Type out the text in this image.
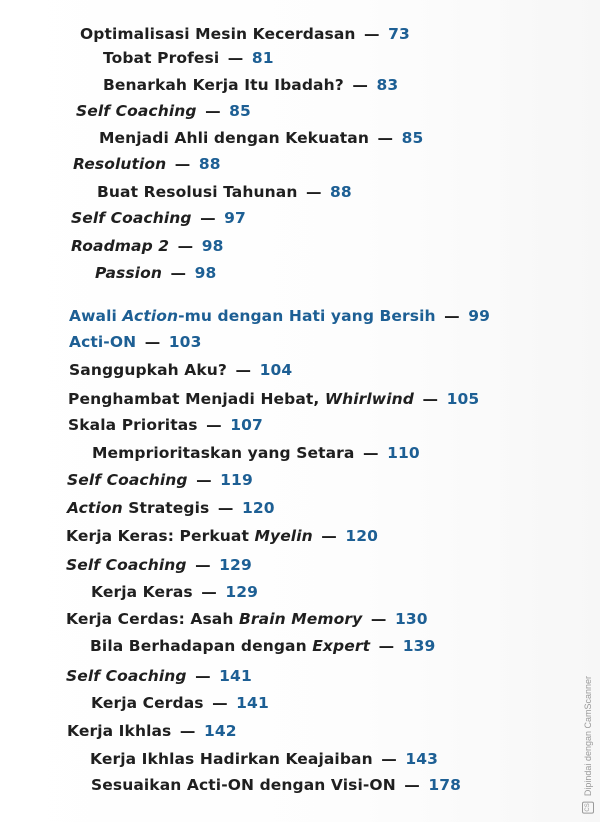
Optimalisasi Mesin Kecerdasan — 73
Tobat Profesi — 81
Benarkah Kerja Itu Ibadah? — 83
Self Coaching — 85
Menjadi Ahli dengan Kekuatan — 85
Resolution — 88
Buat Resolusi Tahunan — 88
Self Coaching — 97
Roadmap 2 — 98
Passion — 98
Awali Action-mu dengan Hati yang Bersih — 99
Acti-ON — 103
Sanggupkah Aku? — 104
Penghambat Menjadi Hebat, Whirlwind — 105
Skala Prioritas — 107
Memprioritaskan yang Setara — 110
Self Coaching — 119
Action Strategis — 120
Kerja Keras: Perkuat Myelin — 120
Self Coaching — 129
Kerja Keras — 129
Kerja Cerdas: Asah Brain Memory — 130
Bila Berhadapan dengan Expert — 139
Self Coaching — 141
Kerja Cerdas — 141
Kerja Ikhlas — 142
Kerja Ikhlas Hadirkan Keajaiban — 143
Sesuaikan Acti-ON dengan Visi-ON — 178
CS Dipindai dengan CamScanner
